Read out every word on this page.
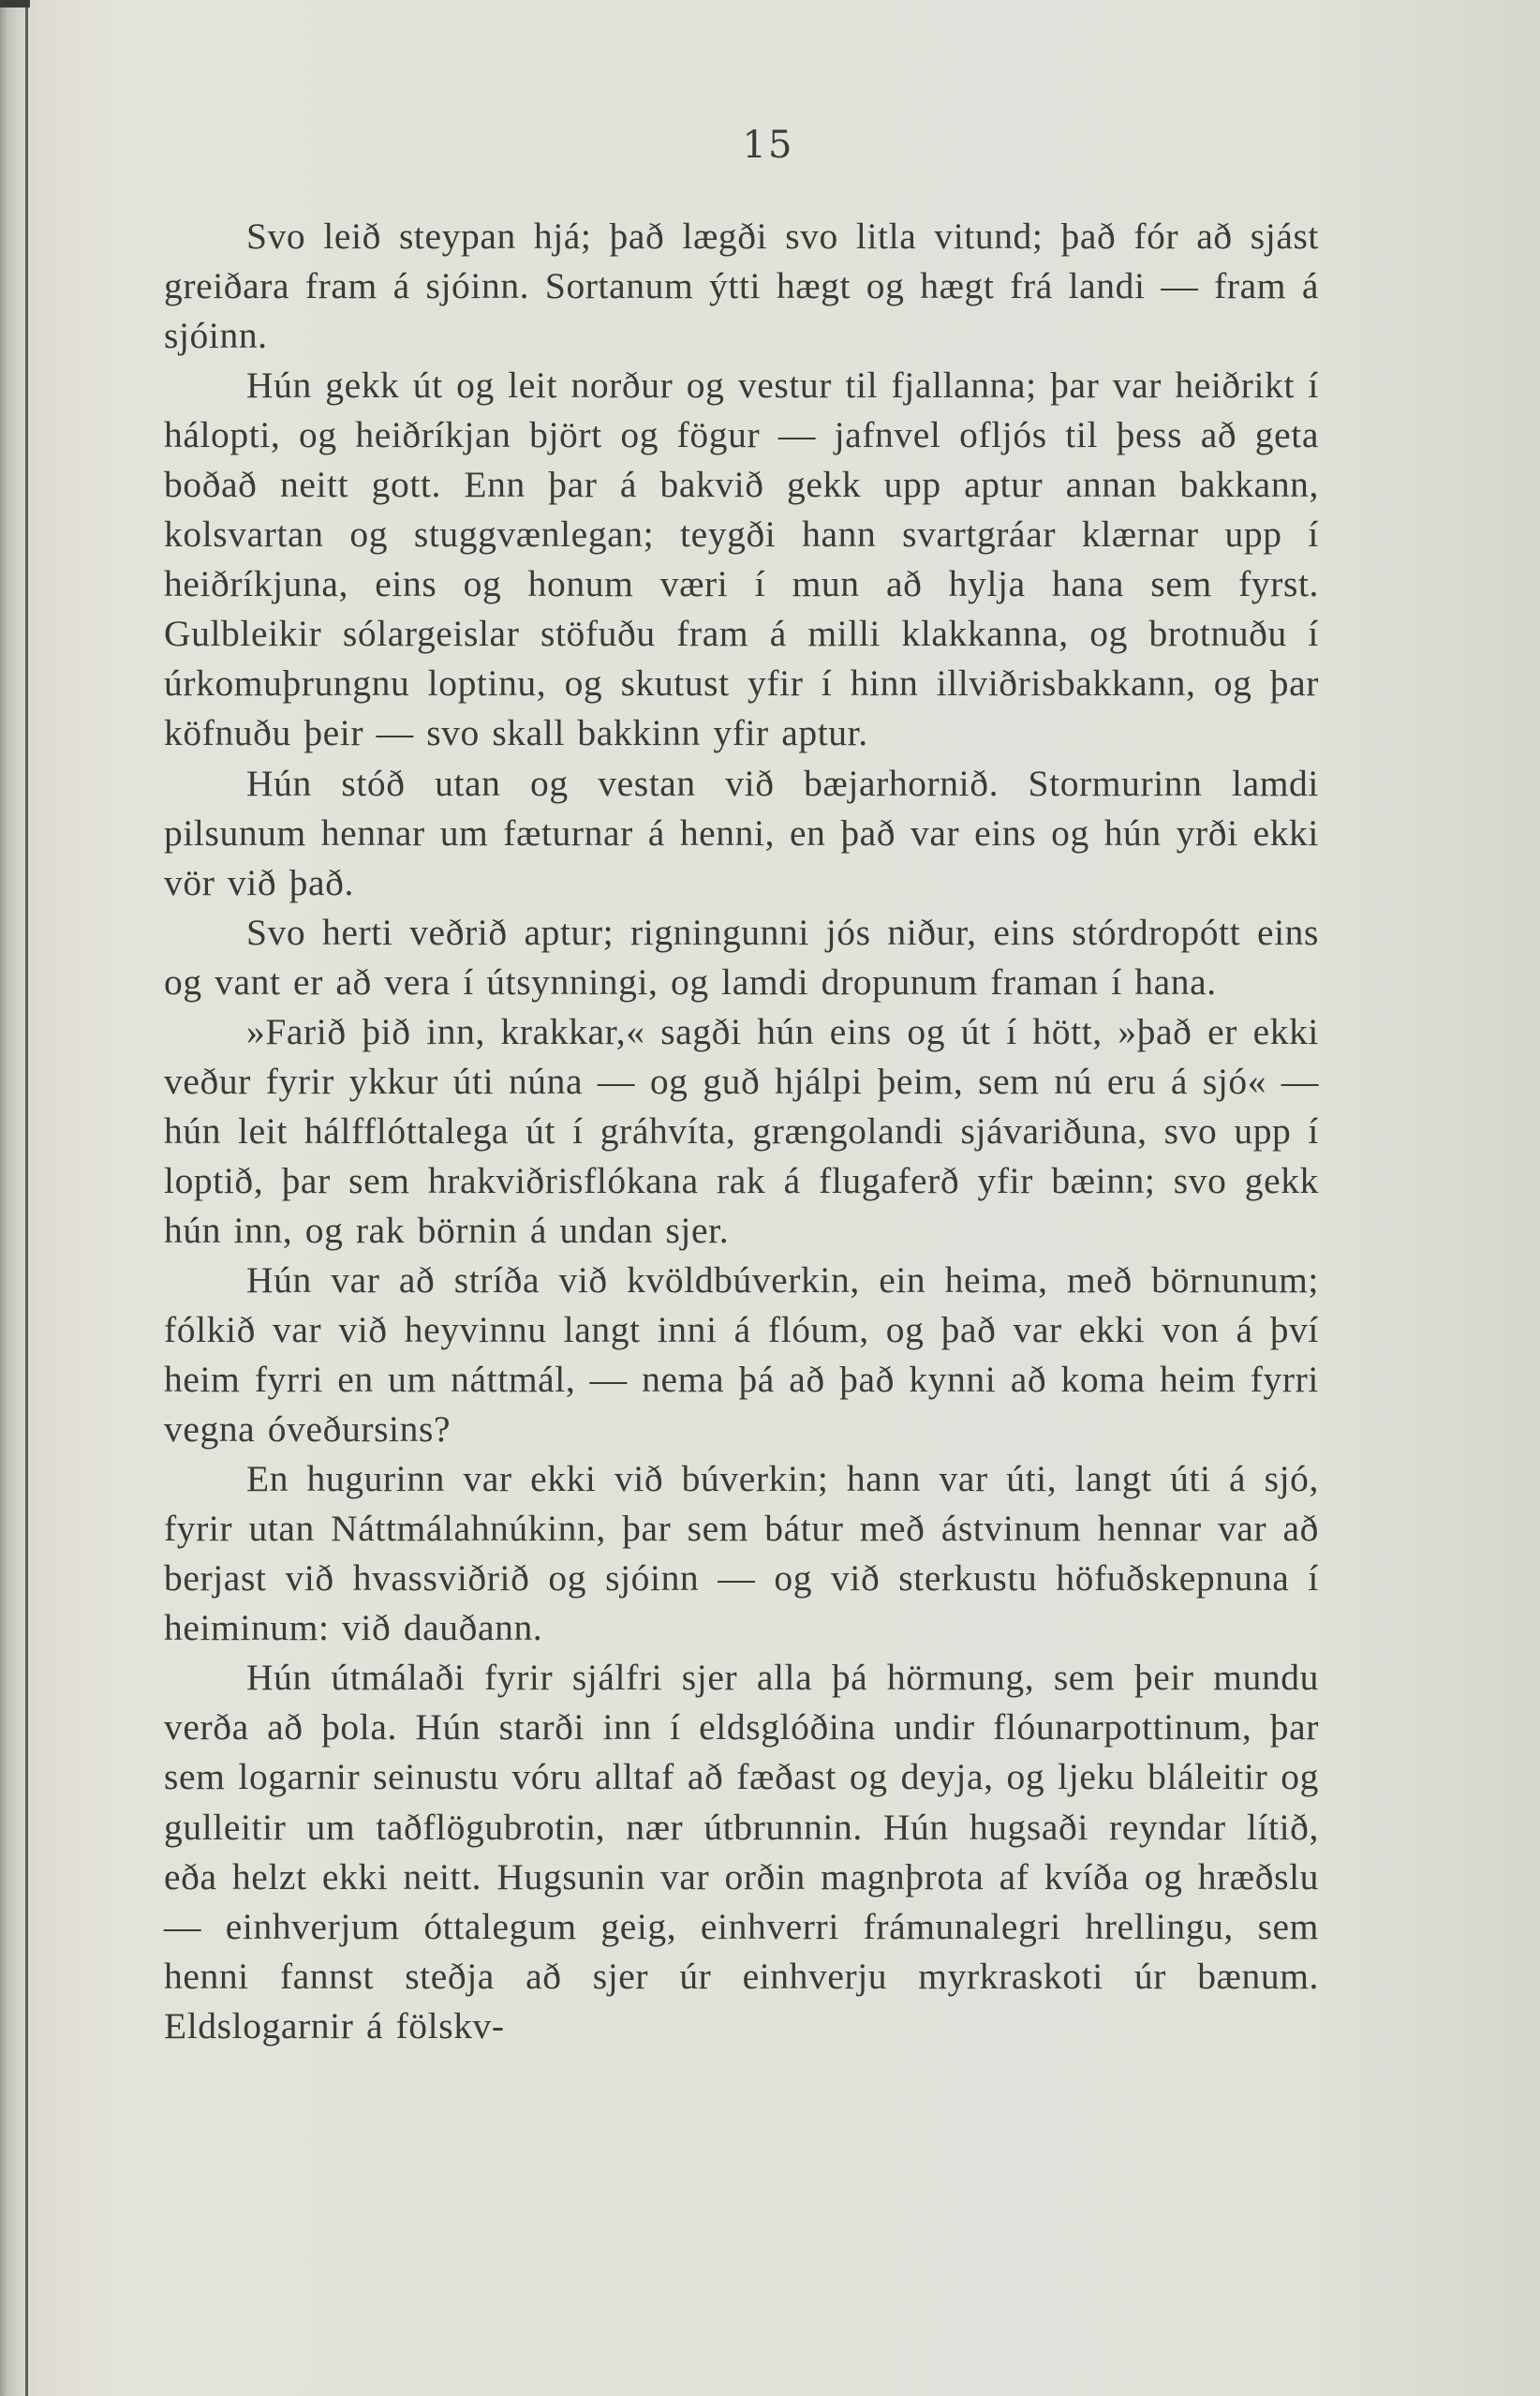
15

Svo leið steypan hjá; það lægði svo litla vitund; það fór að sjást greiðara fram á sjóinn. Sortanum ýtti hægt og hægt frá landi — fram á sjóinn.

Hún gekk út og leit norður og vestur til fjallanna; þar var heiðrikt í hálopti, og heiðríkjan björt og fögur — jafnvel ofljós til þess að geta boðað neitt gott. Enn þar á bakvið gekk upp aptur annan bakkann, kolsvartan og stuggvænlegan; teygði hann svartgráar klærnar upp í heiðríkjuna, eins og honum væri í mun að hylja hana sem fyrst. Gulbleikir sólargeislar stöfuðu fram á milli klakkanna, og brotnuðu í úrkomuþrungnu loptinu, og skutust yfir í hinn illviðrisbakkann, og þar köfnuðu þeir — svo skall bakkinn yfir aptur.

Hún stóð utan og vestan við bæjarhornið. Stormurinn lamdi pilsunum hennar um fæturnar á henni, en það var eins og hún yrði ekki vör við það.

Svo herti veðrið aptur; rigningunni jós niður, eins stórdropótt eins og vant er að vera í útsynningi, og lamdi dropunum framan í hana.

»Farið þið inn, krakkar,« sagði hún eins og út í hött, »það er ekki veður fyrir ykkur úti núna — og guð hjálpi þeim, sem nú eru á sjó« — hún leit hálfflóttalega út í gráhvíta, grængolandi sjávariðuna, svo upp í loptið, þar sem hrakviðrisflókana rak á flugaferð yfir bæinn; svo gekk hún inn, og rak börnin á undan sjer.

Hún var að stríða við kvöldbúverkin, ein heima, með börnunum; fólkið var við heyvinnu langt inni á flóum, og það var ekki von á því heim fyrri en um náttmál, — nema þá að það kynni að koma heim fyrri vegna óveðursins?

En hugurinn var ekki við búverkin; hann var úti, langt úti á sjó, fyrir utan Náttmálahnúkinn, þar sem bátur með ástvinum hennar var að berjast við hvassviðrið og sjóinn — og við sterkustu höfuðskepnuna í heiminum: við dauðann.

Hún útmálaði fyrir sjálfri sjer alla þá hörmung, sem þeir mundu verða að þola. Hún starði inn í eldsglóðina undir flóunarpottinum, þar sem logarnir seinustu vóru alltaf að fæðast og deyja, og ljeku bláleitir og gulleitir um taðflögubrotin, nær útbrunnin. Hún hugsaði reyndar lítið, eða helzt ekki neitt. Hugsunin var orðin magnþrota af kvíða og hræðslu — einhverjum óttalegum geig, einhverri frámunalegri hrellingu, sem henni fannst steðja að sjer úr einhverju myrkraskoti úr bænum. Eldslogarnir á fölskv-
